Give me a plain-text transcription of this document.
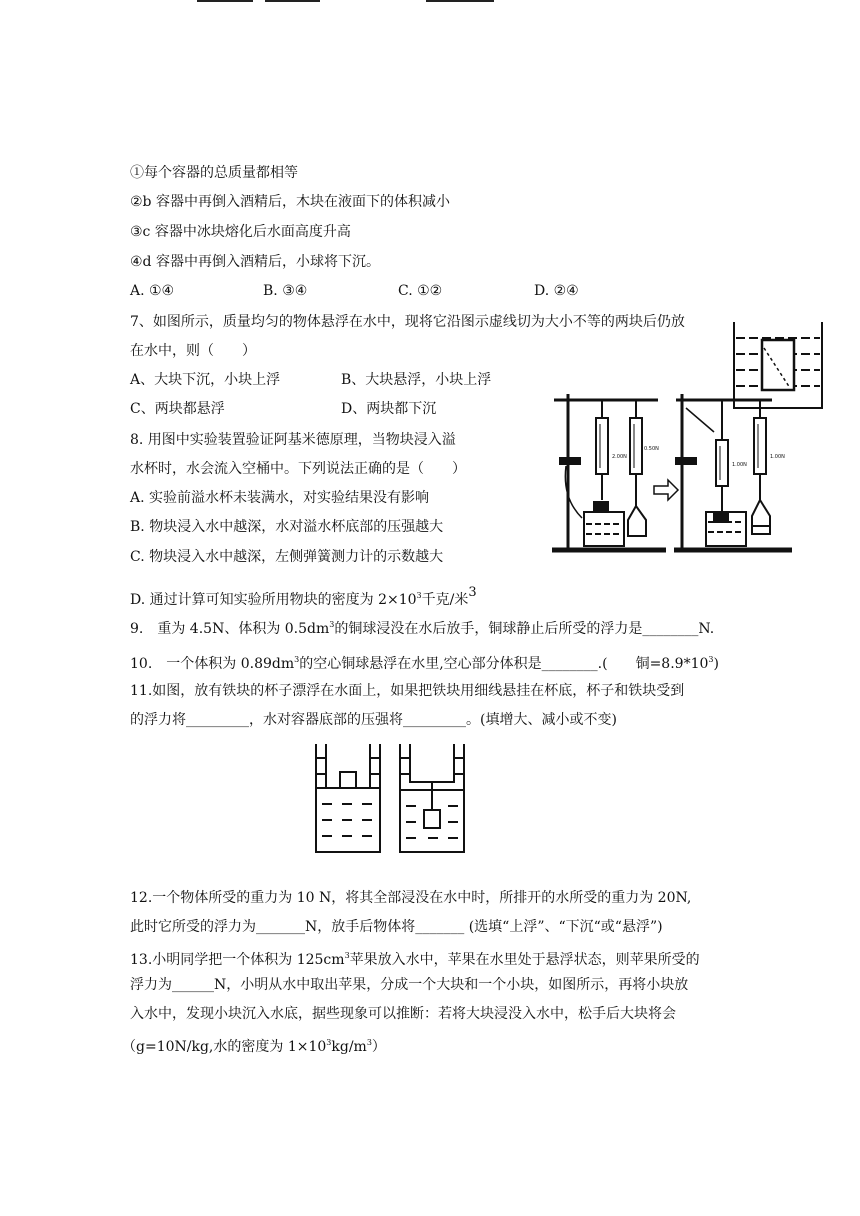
①每个容器的总质量都相等
②b 容器中再倒入酒精后，木块在液面下的体积减小
③c 容器中冰块熔化后水面高度升高
④d 容器中再倒入酒精后，小球将下沉。
A. ①④	B. ③④	C. ①②	D. ②④
7、如图所示，质量均匀的物体悬浮在水中，现将它沿图示虚线切为大小不等的两块后仍放
在水中，则（　　）
A、大块下沉，小块上浮	B、大块悬浮，小块上浮
C、两块都悬浮	D、两块都下沉
8. 用图中实验装置验证阿基米德原理，当物块浸入溢
水杯时，水会流入空桶中。下列说法正确的是（　　）
A. 实验前溢水杯未装满水，对实验结果没有影响
B. 物块浸入水中越深，水对溢水杯底部的压强越大
C. 物块浸入水中越深，左侧弹簧测力计的示数越大
D. 通过计算可知实验所用物块的密度为 $2\times 10^3$千克/米$^3$
2.00N
0.50N
1.00N
1.00N
9.　重为 4.5N、体积为 $0.5dm^3$的铜球浸没在水后放手，铜球静止后所受的浮力是________N.
10.　一个体积为 $0.89dm^3$的空心铜球悬浮在水里,空心部分体积是________.(　　铜$=8.9*10^3$)
11.如图，放有铁块的杯子漂浮在水面上，如果把铁块用细线悬挂在杯底，杯子和铁块受到
的浮力将_________，水对容器底部的压强将_________。(填增大、减小或不变)
12.一个物体所受的重力为 10 N，将其全部浸没在水中时，所排开的水所受的重力为 20N,
此时它所受的浮力为_______N，放手后物体将_______ (选填“上浮”、“下沉“或“悬浮”)
13.小明同学把一个体积为 $125cm^3$苹果放入水中，苹果在水里处于悬浮状态，则苹果所受的
浮力为______N，小明从水中取出苹果，分成一个大块和一个小块，如图所示，再将小块放
入水中，发现小块沉入水底，据些现象可以推断：若将大块浸没入水中，松手后大块将会
（g=10N/kg,水的密度为 $1\times 10^3kg/m^3$）
